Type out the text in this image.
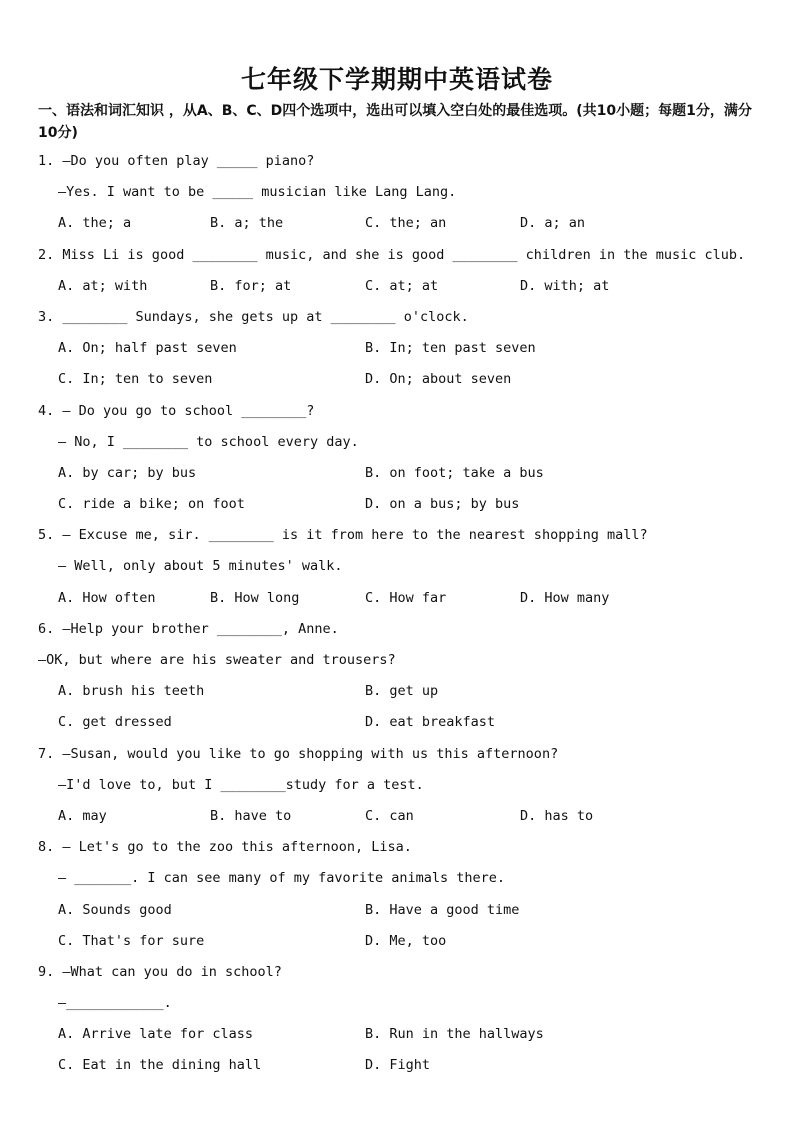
七年级下学期期中英语试卷
一、语法和词汇知识 ，从A、B、C、D四个选项中，选出可以填入空白处的最佳选项。(共10小题；每题1分，满分10分)
1. —Do you often play _____ piano?
—Yes. I want to be _____ musician like Lang Lang.
A. the; a	B. a; the	C. the; an	D. a; an
2. Miss Li is good ________ music, and she is good ________ children in the music club.
A. at; with	B. for; at	C. at; at	D. with; at
3. ________ Sundays, she gets up at ________ o'clock.
A. On; half past seven	B. In; ten past seven
C. In; ten to seven	D. On; about seven
4. — Do you go to school ________?
— No, I ________ to school every day.
A. by car; by bus	B. on foot; take a bus
C. ride a bike; on foot	D. on a bus; by bus
5. — Excuse me, sir. ________ is it from here to the nearest shopping mall?
— Well, only about 5 minutes' walk.
A. How often	B. How long	C. How far	D. How many
6. —Help your brother ________, Anne.
—OK, but where are his sweater and trousers?
A. brush his teeth	B. get up
C. get dressed	D. eat breakfast
7. —Susan, would you like to go shopping with us this afternoon?
—I'd love to, but I ________study for a test.
A. may	B. have to	C. can	D. has to
8. — Let's go to the zoo this afternoon, Lisa.
— _______. I can see many of my favorite animals there.
A. Sounds good	B. Have a good time
C. That's for sure	D. Me, too
9. —What can you do in school?
—____________.
A. Arrive late for class	B. Run in the hallways
C. Eat in the dining hall	D. Fight
